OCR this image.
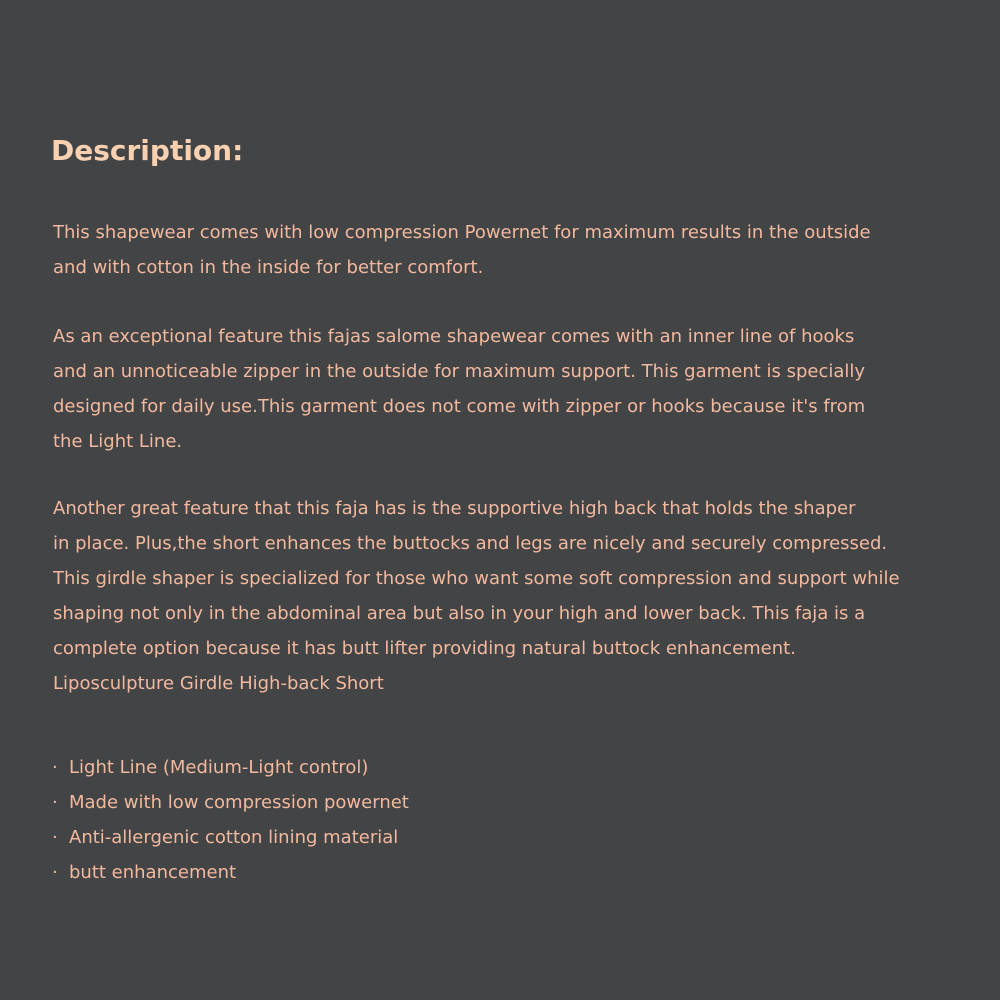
Description:
This shapewear comes with low compression Powernet for maximum results in the outside
and with cotton in the inside for better comfort.
As an exceptional feature this fajas salome shapewear comes with an inner line of hooks
and an unnoticeable zipper in the outside for maximum support. This garment is specially
designed for daily use.This garment does not come with zipper or hooks because it's from
the Light Line.
Another great feature that this faja has is the supportive high back that holds the shaper
in place. Plus,the short enhances the buttocks and legs are nicely and securely compressed.
This girdle shaper is specialized for those who want some soft compression and support while
shaping not only in the abdominal area but also in your high and lower back. This faja is a
complete option because it has butt lifter providing natural buttock enhancement.
Liposculpture Girdle High-back Short
· Light Line (Medium-Light control)
· Made with low compression powernet
· Anti-allergenic cotton lining material
· butt enhancement
